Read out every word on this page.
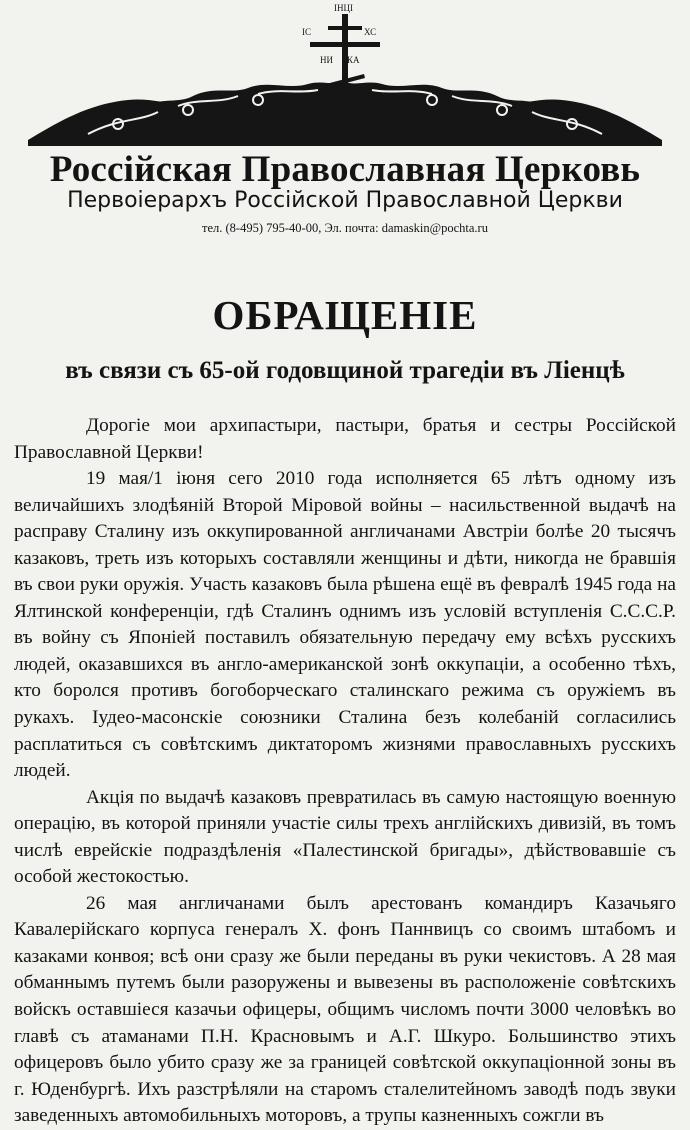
ІНЦІ
ІС	ХС
НИ КА
Россійская Православная Церковь
Первоіерархъ Россійской Православной Церкви
тел. (8-495) 795-40-00, Эл. почта: damaskin@pochta.ru
ОБРАЩЕНІЕ
въ связи съ 65-ой годовщиной трагедіи въ Ліенцѣ

Дорогіе мои архипастыри, пастыри, братья и сестры Россійской Православной Церкви!

19 мая/1 іюня сего 2010 года исполняется 65 лѣтъ одному изъ величайшихъ злодѣяній Второй Міровой войны – насильственной выдачѣ на расправу Сталину изъ оккупированной англичанами Австріи болѣе 20 тысячъ казаковъ, треть изъ которыхъ составляли женщины и дѣти, никогда не бравшія въ свои руки оружія. Участь казаковъ была рѣшена ещё въ февралѣ 1945 года на Ялтинской конференціи, гдѣ Сталинъ однимъ изъ условій вступленія С.С.С.Р. въ войну съ Японіей поставилъ обязательную передачу ему всѣхъ русскихъ людей, оказавшихся въ англо-американской зонѣ оккупаціи, а особенно тѣхъ, кто боролся противъ богоборческаго сталинскаго режима съ оружіемъ въ рукахъ. Іудео-масонскіе союзники Сталина безъ колебаній согласились расплатиться съ совѣтскимъ диктаторомъ жизнями православныхъ русскихъ людей.

Акція по выдачѣ казаковъ превратилась въ самую настоящую военную операцію, въ которой приняли участіе силы трехъ англійскихъ дивизій, въ томъ числѣ еврейскіе подраздѣленія «Палестинской бригады», дѣйствовавшіе съ особой жестокостью.

26 мая англичанами былъ арестованъ командиръ Казачьяго Кавалерійскаго корпуса генералъ Х. фонъ Паннвицъ со своимъ штабомъ и казаками конвоя; всѣ они сразу же были переданы въ руки чекистовъ. А 28 мая обманнымъ путемъ были разоружены и вывезены въ расположеніе совѣтскихъ войскъ оставшіеся казачьи офицеры, общимъ числомъ почти 3000 человѣкъ во главѣ съ атаманами П.Н. Красновымъ и А.Г. Шкуро. Большинство этихъ офицеровъ было убито сразу же за границей совѣтской оккупаціонной зоны въ г. Юденбургѣ. Ихъ разстрѣляли на старомъ сталелитейномъ заводѣ подъ звуки заведенныхъ автомобильныхъ моторовъ, а трупы казненныхъ сожгли въ
